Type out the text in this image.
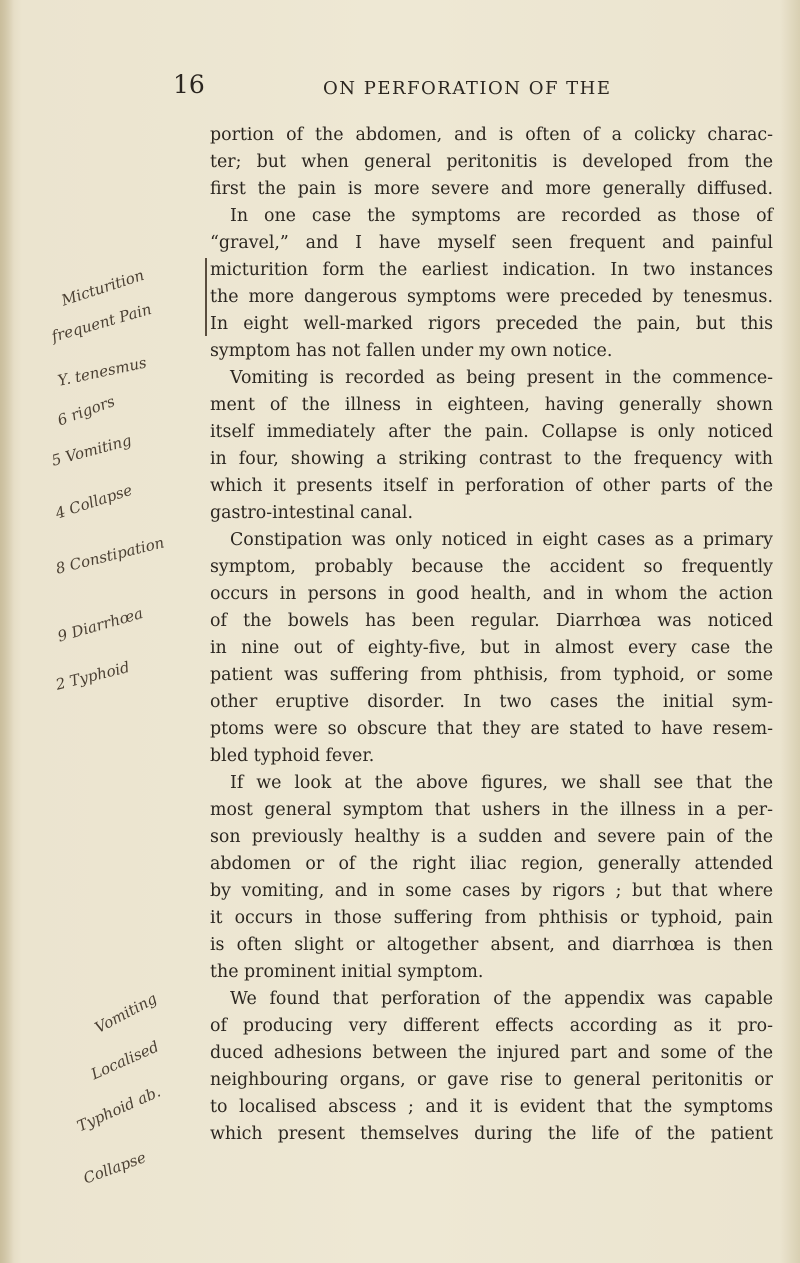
16	ON PERFORATION OF THE
portion of the abdomen, and is often of a colicky charac-
ter; but when general peritonitis is developed from the
first the pain is more severe and more generally diffused.
In one case the symptoms are recorded as those of
“gravel,” and I have myself seen frequent and painful
micturition form the earliest indication. In two instances
the more dangerous symptoms were preceded by tenesmus.
In eight well-marked rigors preceded the pain, but this
symptom has not fallen under my own notice.
Vomiting is recorded as being present in the commence-
ment of the illness in eighteen, having generally shown
itself immediately after the pain. Collapse is only noticed
in four, showing a striking contrast to the frequency with
which it presents itself in perforation of other parts of the
gastro-intestinal canal.
Constipation was only noticed in eight cases as a primary
symptom, probably because the accident so frequently
occurs in persons in good health, and in whom the action
of the bowels has been regular. Diarrhœa was noticed
in nine out of eighty-five, but in almost every case the
patient was suffering from phthisis, from typhoid, or some
other eruptive disorder. In two cases the initial sym-
ptoms were so obscure that they are stated to have resem-
bled typhoid fever.
If we look at the above figures, we shall see that the
most general symptom that ushers in the illness in a per-
son previously healthy is a sudden and severe pain of the
abdomen or of the right iliac region, generally attended
by vomiting, and in some cases by rigors ; but that where
it occurs in those suffering from phthisis or typhoid, pain
is often slight or altogether absent, and diarrhœa is then
the prominent initial symptom.
We found that perforation of the appendix was capable
of producing very different effects according as it pro-
duced adhesions between the injured part and some of the
neighbouring organs, or gave rise to general peritonitis or
to localised abscess ; and it is evident that the symptoms
which present themselves during the life of the patient
Micturition
frequent Pain
Y. tenesmus
6 rigors
5 Vomiting
4 Collapse
8 Constipation
9 Diarrhœa
2 Typhoid
Vomiting
Localised
Typhoid ab.
Collapse
